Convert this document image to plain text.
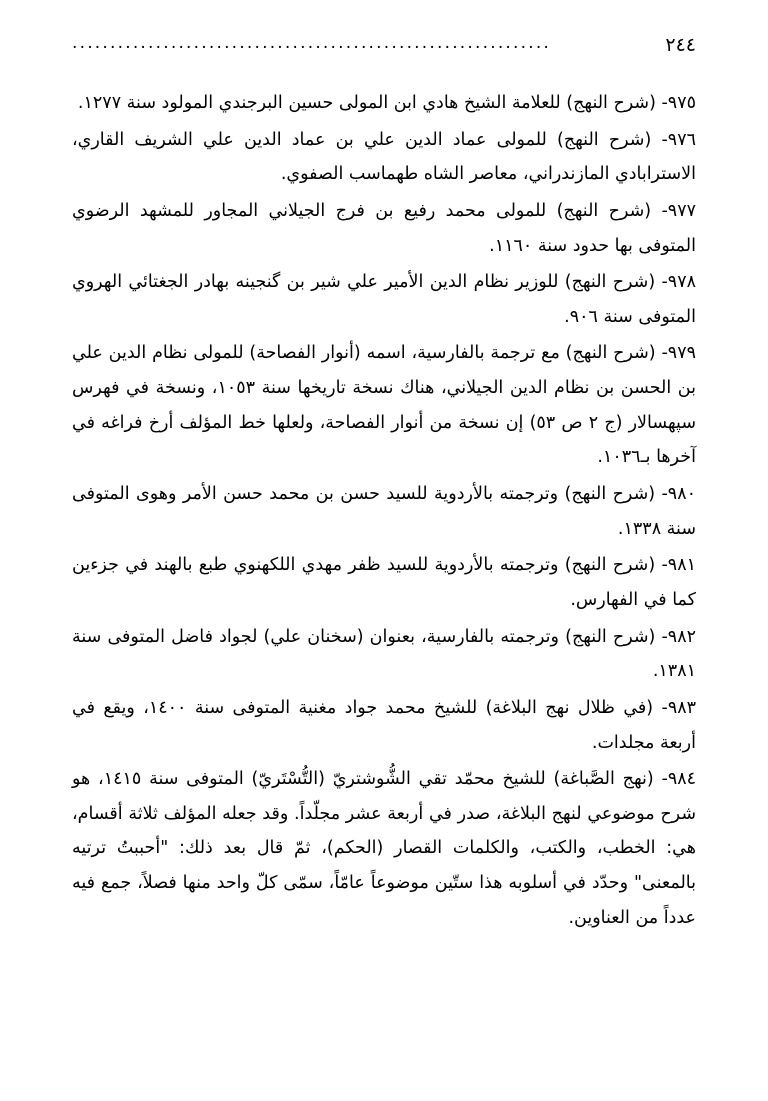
٢٤٤
...............................................................

٩٧٥- (شرح النهج) للعلامة الشيخ هادي ابن المولى حسين البرجندي المولود سنة ١٢٧٧.

٩٧٦- (شرح النهج) للمولى عماد الدين علي بن عماد الدين علي الشريف القاري، الاسترابادي المازندراني، معاصر الشاه طهماسب الصفوي.

٩٧٧- (شرح النهج) للمولى محمد رفيع بن فرج الجيلاني المجاور للمشهد الرضوي المتوفى بها حدود سنة ١١٦٠.

٩٧٨- (شرح النهج) للوزير نظام الدين الأمير علي شير بن گنجينه بهادر الجغتائي الهروي المتوفى سنة ٩٠٦.

٩٧٩- (شرح النهج) مع ترجمة بالفارسية، اسمه (أنوار الفصاحة) للمولى نظام الدين علي بن الحسن بن نظام الدين الجيلاني، هناك نسخة تاريخها سنة ١٠٥٣، ونسخة في فهرس سپهسالار (ج ٢ ص ٥٣) إن نسخة من أنوار الفصاحة، ولعلها خط المؤلف أرخ فراغه في آخرها بـ١٠٣٦.

٩٨٠- (شرح النهج) وترجمته بالأردوية للسيد حسن بن محمد حسن الأمر وهوى المتوفى سنة ١٣٣٨.

٩٨١- (شرح النهج) وترجمته بالأردوية للسيد ظفر مهدي اللكهنوي طبع بالهند في جزءين كما في الفهارس.

٩٨٢- (شرح النهج) وترجمته بالفارسية، بعنوان (سخنان علي) لجواد فاضل المتوفى سنة ١٣٨١.

٩٨٣- (في ظلال نهج البلاغة) للشيخ محمد جواد مغنية المتوفى سنة ١٤٠٠، ويقع في أربعة مجلدات.

٩٨٤- (نهج الصَّباغة) للشيخ محمّد تقي الشُّوشتريّ (التُّسْتَريّ) المتوفى سنة ١٤١٥، هو شرح موضوعي لنهج البلاغة، صدر في أربعة عشر مجلّداً. وقد جعله المؤلف ثلاثة أقسام، هي: الخطب، والكتب، والكلمات القصار (الحكم)، ثمّ قال بعد ذلك: "أحببتُ ترتيه بالمعنى" وحدّد في أسلوبه هذا ستّين موضوعاً عامّاً، سمّى كلّ واحد منها فصلاً، جمع فيه عدداً من العناوين.
